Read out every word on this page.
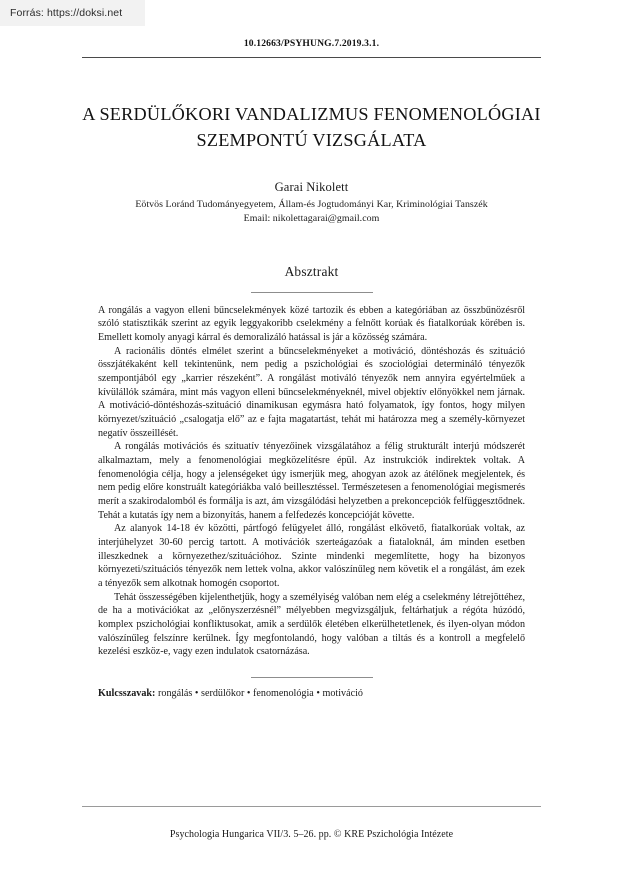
10.12663/PSYHUNG.7.2019.3.1.
A SERDÜLŐKORI VANDALIZMUS FENOMENOLÓGIAI SZEMPONTÚ VIZSGÁLATA
Garai Nikolett
Eötvös Loránd Tudományegyetem, Állam-és Jogtudományi Kar, Kriminológiai Tanszék
Email: nikolettagarai@gmail.com
Absztrakt

A rongálás a vagyon elleni bűncselekmények közé tartozik és ebben a kategóriában az összbűnözésről szóló statisztikák szerint az egyik leggyakoribb cselekmény a felnőtt korúak és fiatalkorúak körében is. Emellett komoly anyagi kárral és demoralizáló hatással is jár a közösség számára.

A racionális döntés elmélet szerint a bűncselekményeket a motiváció, döntéshozás és szituáció összjátékaként kell tekintenünk, nem pedig a pszichológiai és szociológiai determináló tényezők szempontjából egy „karrier részeként”. A rongálást motiváló tényezők nem annyira egyértelműek a kívülállók számára, mint más vagyon elleni bűncselekményeknél, mivel objektív előnyökkel nem járnak. A motiváció-döntéshozás-szituáció dinamikusan egymásra ható folyamatok, így fontos, hogy milyen környezet/szituáció „csalogatja elő” az e fajta magatartást, tehát mi határozza meg a személy-környezet negatív összeillését.

A rongálás motivációs és szituatív tényezőinek vizsgálatához a félig strukturált interjú módszerét alkalmaztam, mely a fenomenológiai megközelítésre épül. Az instrukciók indirektek voltak. A fenomenológia célja, hogy a jelenségeket úgy ismerjük meg, ahogyan azok az átélőnek megjelentek, és nem pedig előre konstruált kategóriákba való beillesztéssel. Természetesen a fenomenológiai megismerés merít a szakirodalomból és formálja is azt, ám vizsgálódási helyzetben a prekoncepciók felfüggesztődnek. Tehát a kutatás így nem a bizonyítás, hanem a felfedezés koncepcióját követte.

Az alanyok 14-18 év közötti, pártfogó felügyelet álló, rongálást elkövető, fiatalkorúak voltak, az interjúhelyzet 30-60 percig tartott. A motivációk szerteágazóak a fiataloknál, ám minden esetben illeszkednek a környezethez/szituációhoz. Szinte mindenki megemlítette, hogy ha bizonyos környezeti/szituációs tényezők nem lettek volna, akkor valószínűleg nem követik el a rongálást, ám ezek a tényezők sem alkotnak homogén csoportot.

Tehát összességében kijelenthetjük, hogy a személyiség valóban nem elég a cselekmény létrejöttéhez, de ha a motivációkat az „előnyszerzésnél” mélyebben megvizsgáljuk, feltárhatjuk a régóta húzódó, komplex pszichológiai konfliktusokat, amik a serdülők életében elkerülhetetlenek, és ilyen-olyan módon valószínűleg felszínre kerülnek. Így megfontolandó, hogy valóban a tiltás és a kontroll a megfelelő kezelési eszköz-e, vagy ezen indulatok csatornázása.

Kulcsszavak: rongálás • serdülőkor • fenomenológia • motiváció
Psychologia Hungarica VII/3. 5–26. pp. © KRE Pszichológia Intézete
Forrás: https://doksi.net
